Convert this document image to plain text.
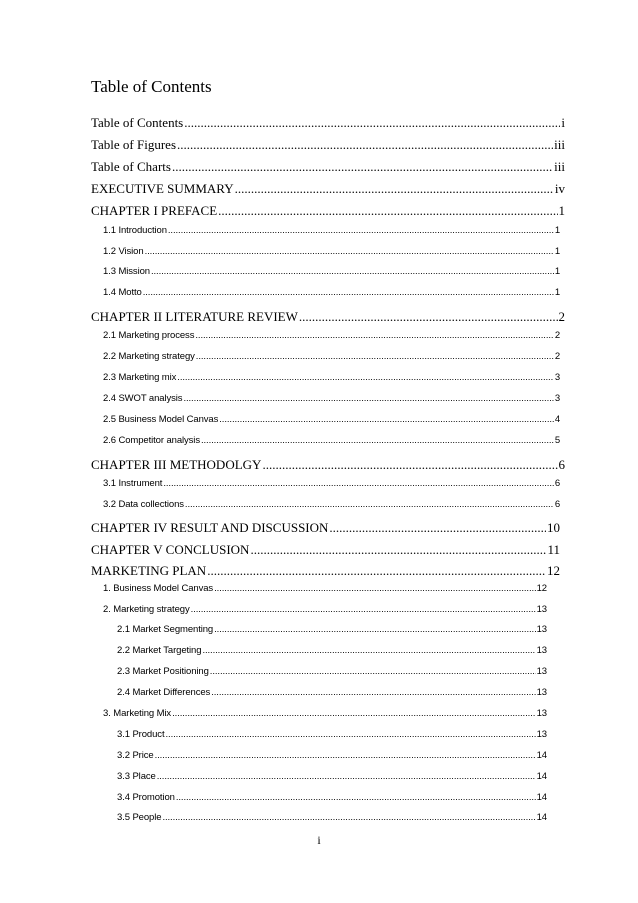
Table of Contents
Table of Contents .....	i
Table of Figures .....	iii
Table of Charts .....	iii
EXECUTIVE SUMMARY .....	iv
CHAPTER I PREFACE .....	1
1.1 Introduction .....	1
1.2 Vision .....	1
1.3 Mission .....	1
1.4 Motto .....	1
CHAPTER II LITERATURE REVIEW .....	2
2.1 Marketing process .....	2
2.2 Marketing strategy .....	2
2.3 Marketing mix .....	3
2.4 SWOT analysis .....	3
2.5 Business Model Canvas .....	4
2.6 Competitor analysis .....	5
CHAPTER III METHODOLGY .....	6
3.1 Instrument .....	6
3.2 Data collections .....	6
CHAPTER IV RESULT AND DISCUSSION .....	10
CHAPTER V CONCLUSION .....	11
MARKETING PLAN .....	12
1. Business Model Canvas .....	12
2. Marketing strategy .....	13
2.1 Market Segmenting .....	13
2.2 Market Targeting .....	13
2.3 Market Positioning .....	13
2.4 Market Differences .....	13
3. Marketing Mix .....	13
3.1 Product .....	13
3.2 Price .....	14
3.3 Place .....	14
3.4 Promotion .....	14
3.5 People .....	14
i
